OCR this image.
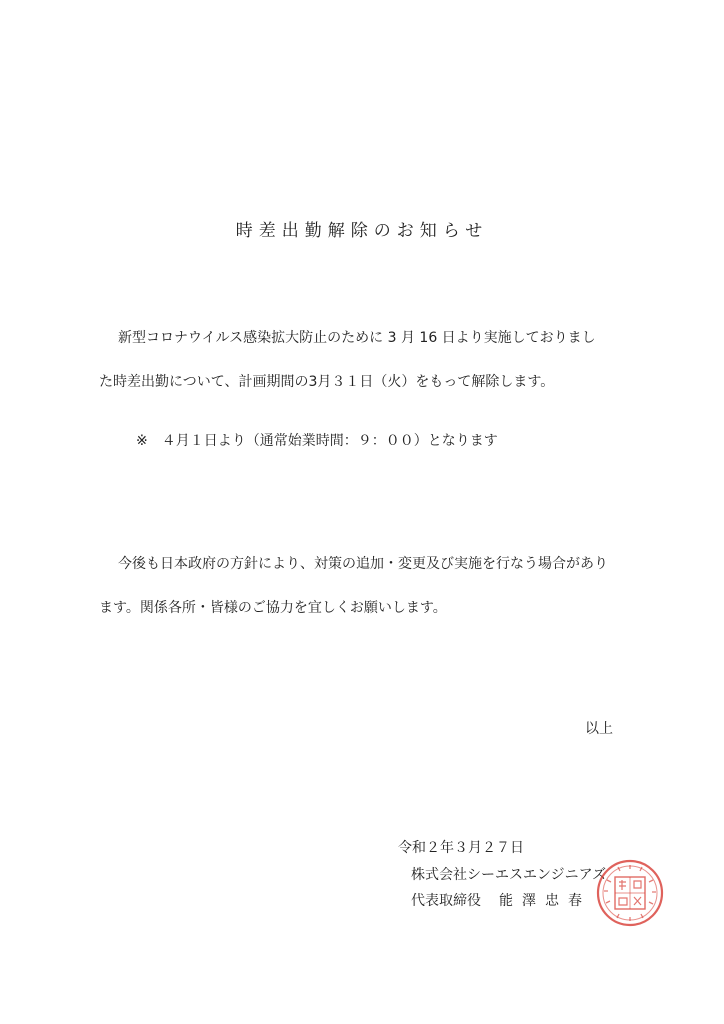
時差出勤解除のお知らせ
新型コロナウイルス感染拡大防止のために 3 月 16 日より実施しておりまし
た時差出勤について、計画期間の3月３１日（火）をもって解除します。
※　４月１日より（通常始業時間：９：００）となります
今後も日本政府の方針により、対策の追加・変更及び実施を行なう場合があり
ます。関係各所・皆様のご協力を宜しくお願いします。
以上
令和２年３月２７日
株式会社シーエスエンジニアズ
代表取締役 能澤忠春
